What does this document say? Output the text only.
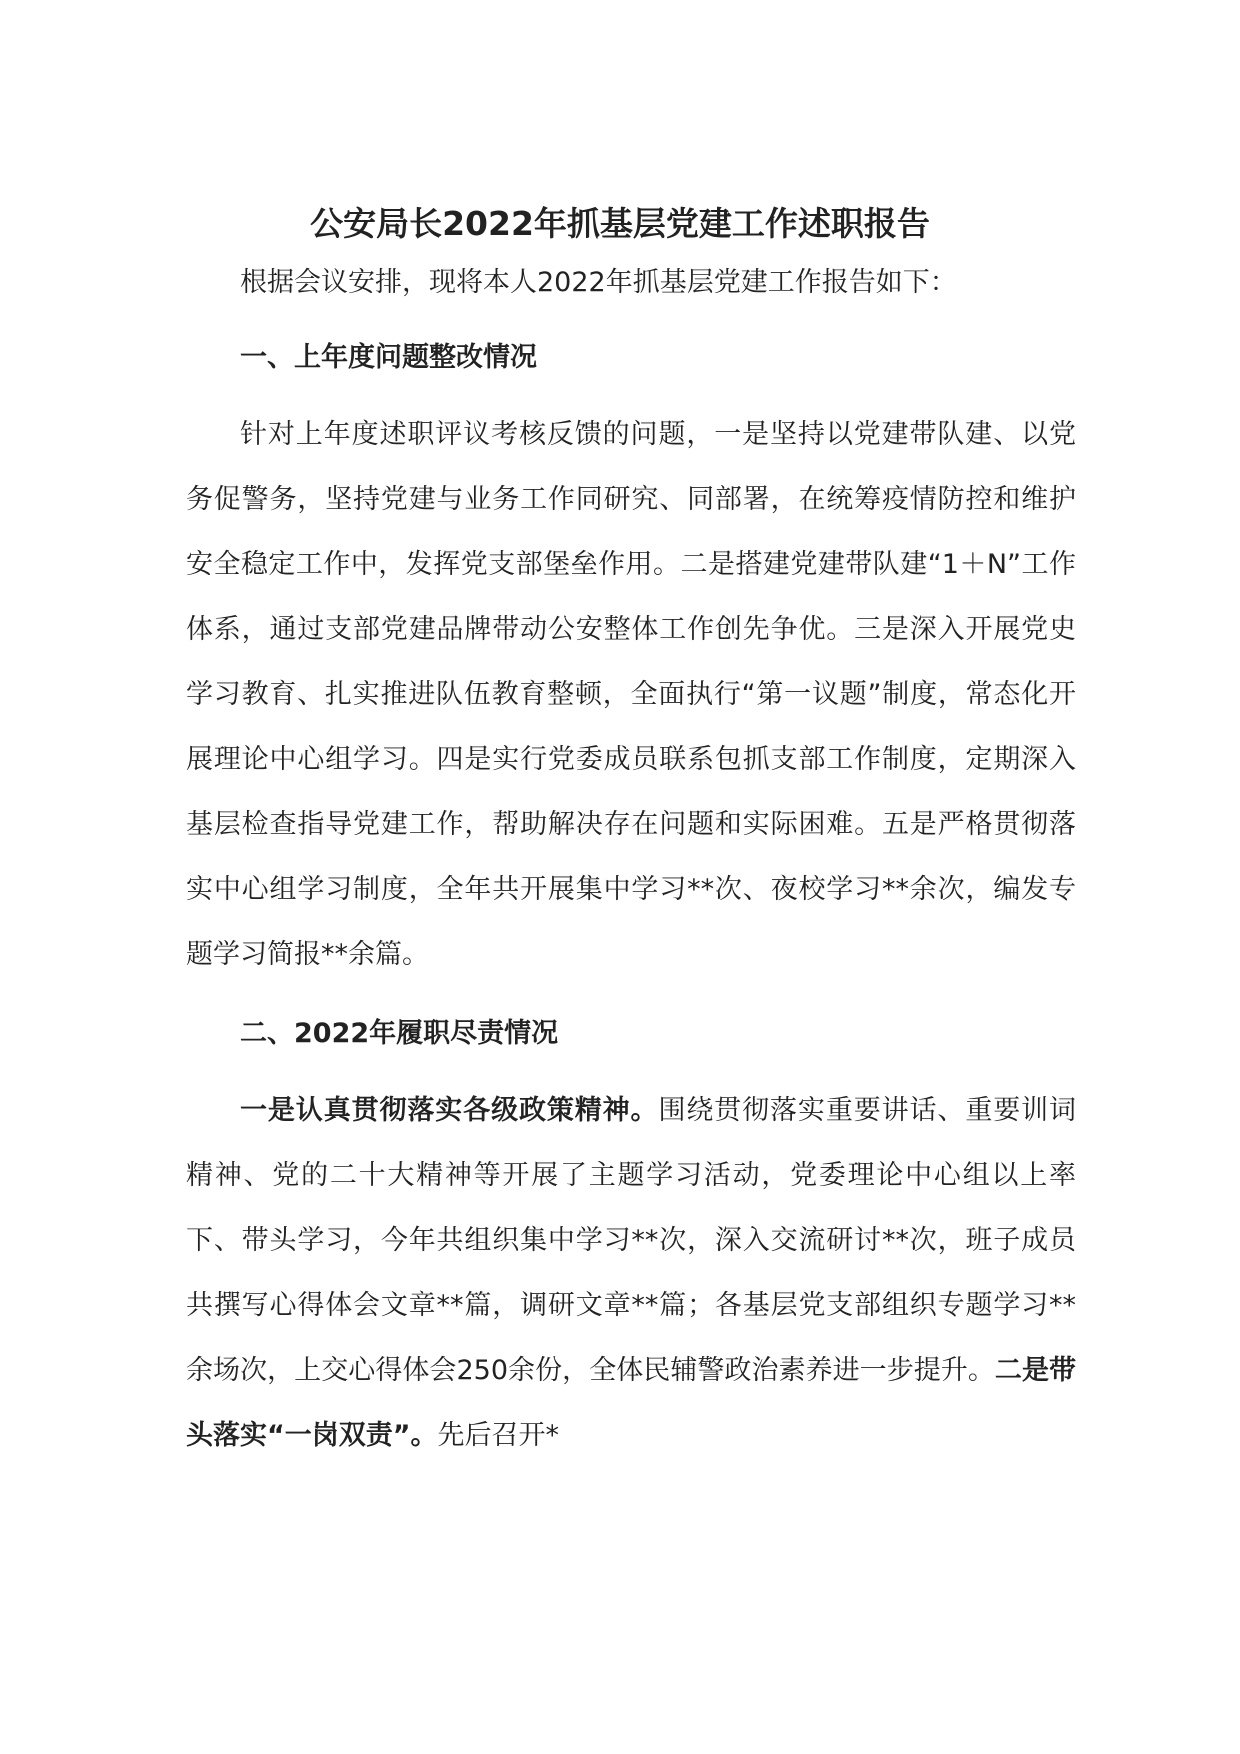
公安局长2022年抓基层党建工作述职报告

根据会议安排，现将本人2022年抓基层党建工作报告如下：

一、上年度问题整改情况

针对上年度述职评议考核反馈的问题，一是坚持以党建带队建、以党务促警务，坚持党建与业务工作同研究、同部署，在统筹疫情防控和维护安全稳定工作中，发挥党支部堡垒作用。二是搭建党建带队建“1＋N”工作体系，通过支部党建品牌带动公安整体工作创先争优。三是深入开展党史学习教育、扎实推进队伍教育整顿，全面执行“第一议题”制度，常态化开展理论中心组学习。四是实行党委成员联系包抓支部工作制度，定期深入基层检查指导党建工作，帮助解决存在问题和实际困难。五是严格贯彻落实中心组学习制度，全年共开展集中学习**次、夜校学习**余次，编发专题学习简报**余篇。

二、2022年履职尽责情况

一是认真贯彻落实各级政策精神。围绕贯彻落实重要讲话、重要训词精神、党的二十大精神等开展了主题学习活动，党委理论中心组以上率下、带头学习，今年共组织集中学习**次，深入交流研讨**次，班子成员共撰写心得体会文章**篇，调研文章**篇；各基层党支部组织专题学习**余场次，上交心得体会250余份，全体民辅警政治素养进一步提升。二是带头落实“一岗双责”。先后召开*
